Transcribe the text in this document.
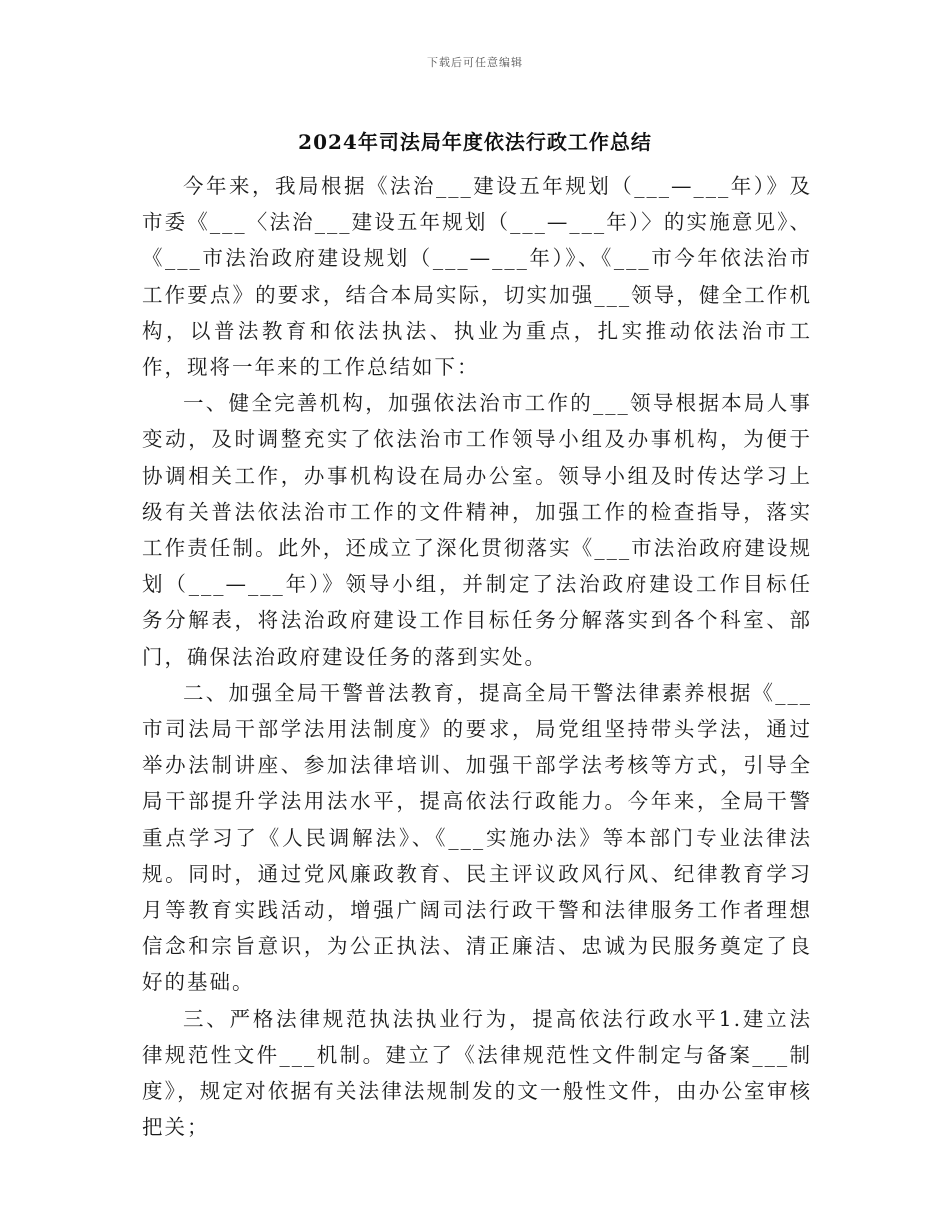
下载后可任意编辑
2024年司法局年度依法行政工作总结

今年来，我局根据《法治___建设五年规划（___—___年）》及市委《___〈法治___建设五年规划（___—___年）〉的实施意见》、《___市法治政府建设规划（___—___年）》、《___市今年依法治市工作要点》的要求，结合本局实际，切实加强___领导，健全工作机构，以普法教育和依法执法、执业为重点，扎实推动依法治市工作，现将一年来的工作总结如下：

一、健全完善机构，加强依法治市工作的___领导根据本局人事变动，及时调整充实了依法治市工作领导小组及办事机构，为便于协调相关工作，办事机构设在局办公室。领导小组及时传达学习上级有关普法依法治市工作的文件精神，加强工作的检查指导，落实工作责任制。此外，还成立了深化贯彻落实《___市法治政府建设规划（___—___年）》领导小组，并制定了法治政府建设工作目标任务分解表，将法治政府建设工作目标任务分解落实到各个科室、部门，确保法治政府建设任务的落到实处。

二、加强全局干警普法教育，提高全局干警法律素养根据《___市司法局干部学法用法制度》的要求，局党组坚持带头学法，通过举办法制讲座、参加法律培训、加强干部学法考核等方式，引导全局干部提升学法用法水平，提高依法行政能力。今年来，全局干警重点学习了《人民调解法》、《___实施办法》等本部门专业法律法规。同时，通过党风廉政教育、民主评议政风行风、纪律教育学习月等教育实践活动，增强广阔司法行政干警和法律服务工作者理想信念和宗旨意识，为公正执法、清正廉洁、忠诚为民服务奠定了良好的基础。

三、严格法律规范执法执业行为，提高依法行政水平1.建立法律规范性文件___机制。建立了《法律规范性文件制定与备案___制度》，规定对依据有关法律法规制发的文一般性文件，由办公室审核把关；
